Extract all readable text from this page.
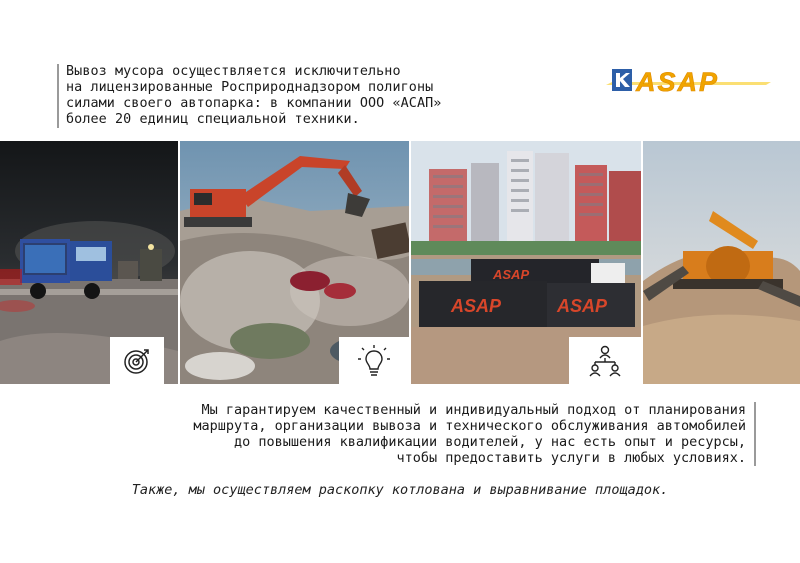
Вывоз мусора осуществляется исключительно
на лицензированные Росприроднадзором полигоны
силами своего автопарка: в компании ООО «АСАП»
более 20 единиц специальной техники.
ASAP
ASAP
ASAP	ASAP
Мы гарантируем качественный и индивидуальный подход от планирования
маршрута, организации вывоза и технического обслуживания автомобилей
до повышения квалификации водителей, у нас есть опыт и ресурсы,
чтобы предоставить услуги в любых условиях.
Также, мы осуществляем раскопку котлована и выравнивание площадок.
